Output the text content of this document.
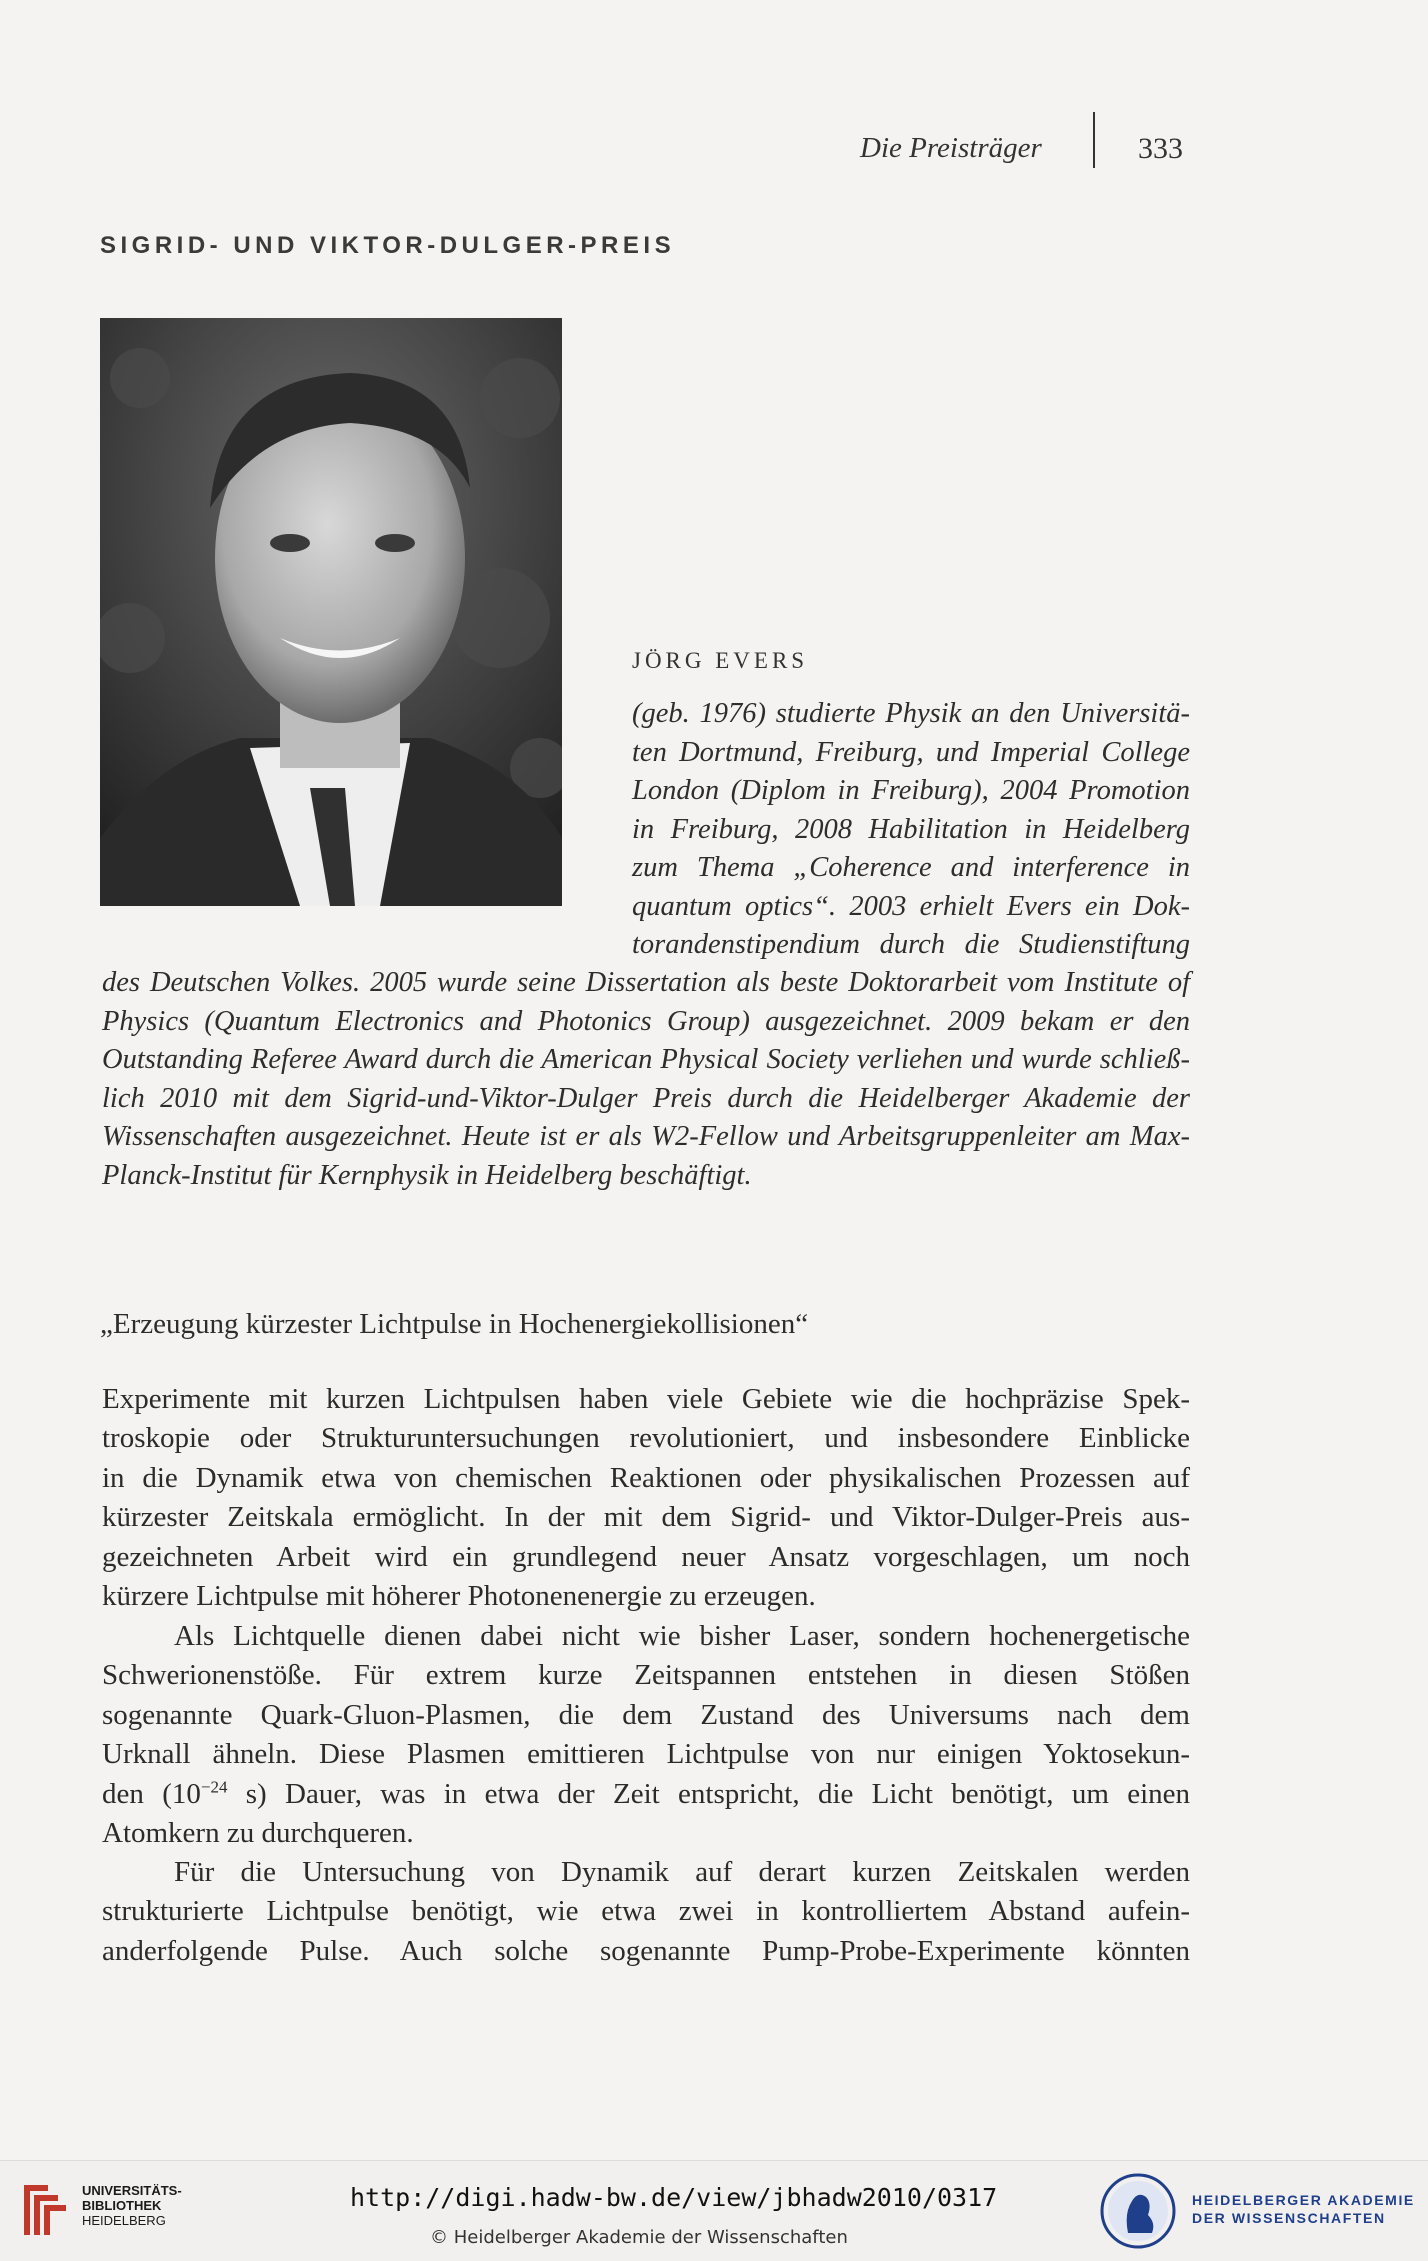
Die Preisträger	333
SIGRID- UND VIKTOR-DULGER-PREIS
JÖRG EVERS
(geb. 1976) studierte Physik an den Universitä-
ten Dortmund, Freiburg, und Imperial College
London (Diplom in Freiburg), 2004 Promotion
in Freiburg, 2008 Habilitation in Heidelberg
zum Thema „Coherence and interference in
quantum optics“. 2003 erhielt Evers ein Dok-
torandenstipendium durch die Studienstiftung
des Deutschen Volkes. 2005 wurde seine Dissertation als beste Doktorarbeit vom Institute of
Physics (Quantum Electronics and Photonics Group) ausgezeichnet. 2009 bekam er den
Outstanding Referee Award durch die American Physical Society verliehen und wurde schließ-
lich 2010 mit dem Sigrid-und-Viktor-Dulger Preis durch die Heidelberger Akademie der
Wissenschaften ausgezeichnet. Heute ist er als W2-Fellow und Arbeitsgruppenleiter am Max-
Planck-Institut für Kernphysik in Heidelberg beschäftigt.
„Erzeugung kürzester Lichtpulse in Hochenergiekollisionen“
Experimente mit kurzen Lichtpulsen haben viele Gebiete wie die hochpräzise Spek-
troskopie oder Strukturuntersuchungen revolutioniert, und insbesondere Einblicke
in die Dynamik etwa von chemischen Reaktionen oder physikalischen Prozessen auf
kürzester Zeitskala ermöglicht. In der mit dem Sigrid- und Viktor-Dulger-Preis aus-
gezeichneten Arbeit wird ein grundlegend neuer Ansatz vorgeschlagen, um noch
kürzere Lichtpulse mit höherer Photonenenergie zu erzeugen.
Als Lichtquelle dienen dabei nicht wie bisher Laser, sondern hochenergetische
Schwerionenstöße. Für extrem kurze Zeitspannen entstehen in diesen Stößen
sogenannte Quark-Gluon-Plasmen, die dem Zustand des Universums nach dem
Urknall ähneln. Diese Plasmen emittieren Lichtpulse von nur einigen Yoktosekun-
den ($10^{-24}$ s) Dauer, was in etwa der Zeit entspricht, die Licht benötigt, um einen
Atomkern zu durchqueren.
Für die Untersuchung von Dynamik auf derart kurzen Zeitskalen werden
strukturierte Lichtpulse benötigt, wie etwa zwei in kontrolliertem Abstand aufein-
anderfolgende Pulse. Auch solche sogenannte Pump-Probe-Experimente könnten
UNIVERSITÄTS-
BIBLIOTHEK
HEIDELBERG
http://digi.hadw-bw.de/view/jbhadw2010/0317
© Heidelberger Akademie der Wissenschaften
HEIDELBERGER AKADEMIE
DER WISSENSCHAFTEN
